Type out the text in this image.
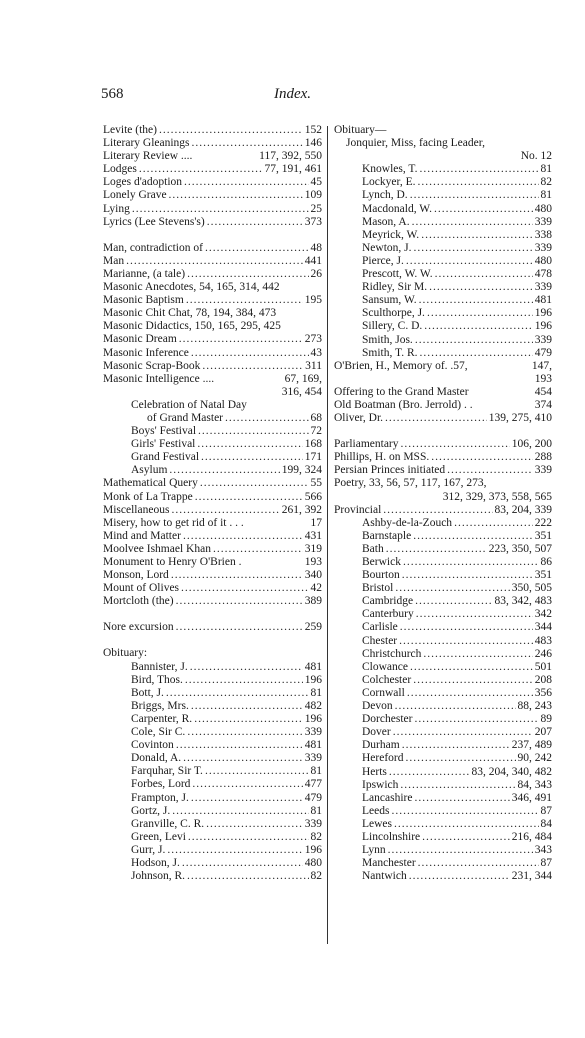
568	Index.
Levite (the) .....	152
Literary Gleanings .....	146
Literary Review ....	117, 392, 550
Lodges .....	77, 191, 461
Loges d'adoption .....	45
Lonely Grave .....	109
Lying .....	25
Lyrics (Lee Stevens's) .....	373
Man, contradiction of .....	48
Man .....	441
Marianne, (a tale) .....	26
Masonic Anecdotes, 54, 165, 314, 442
Masonic Baptism .....	195
Masonic Chit Chat, 78, 194, 384, 473
Masonic Didactics, 150, 165, 295, 425
Masonic Dream .....	273
Masonic Inference .....	43
Masonic Scrap-Book .....	311
Masonic Intelligence ....	67, 169,
316, 454
Celebration of Natal Day
of Grand Master .....	68
Boys' Festival .....	72
Girls' Festival .....	168
Grand Festival .....	171
Asylum .....	199, 324
Mathematical Query .....	55
Monk of La Trappe .....	566
Miscellaneous .....	261, 392
Misery, how to get rid of it . . .	17
Mind and Matter .....	431
Moolvee Ishmael Khan .....	319
Monument to Henry O'Brien .	193
Monson, Lord .....	340
Mount of Olives .....	42
Mortcloth (the) .....	389
Nore excursion .....	259
Obituary:
Bannister, J. .....	481
Bird, Thos. .....	196
Bott, J. .....	81
Briggs, Mrs. .....	482
Carpenter, R. .....	196
Cole, Sir C. .....	339
Covinton .....	481
Donald, A. .....	339
Farquhar, Sir T. .....	81
Forbes, Lord .....	477
Frampton, J. .....	479
Gortz, J. .....	81
Granville, C. R. .....	339
Green, Levi .....	82
Gurr, J. .....	196
Hodson, J. .....	480
Johnson, R. .....	82
Obituary—
Jonquier, Miss, facing Leader,
No. 12
Knowles, T. .....	81
Lockyer, E. .....	82
Lynch, D. .....	81
Macdonald, W. .....	480
Mason, A. .....	339
Meyrick, W. .....	338
Newton, J. .....	339
Pierce, J. .....	480
Prescott, W. W. .....	478
Ridley, Sir M. .....	339
Sansum, W. .....	481
Sculthorpe, J. .....	196
Sillery, C. D. .....	196
Smith, Jos. .....	339
Smith, T. R. .....	479
O'Brien, H., Memory of. .57,	147,
193
Offering to the Grand Master	454
Old Boatman (Bro. Jerrold) . .	374
Oliver, Dr. .....	139, 275, 410
Parliamentary .....	106, 200
Phillips, H. on MSS. .....	288
Persian Princes initiated .....	339
Poetry, 33, 56, 57, 117, 167, 273,
312, 329, 373, 558, 565
Provincial .....	83, 204, 339
Ashby-de-la-Zouch .....	222
Barnstaple .....	351
Bath .....	223, 350, 507
Berwick .....	86
Bourton .....	351
Bristol .....	350, 505
Cambridge .....	83, 342, 483
Canterbury .....	342
Carlisle .....	344
Chester .....	483
Christchurch .....	246
Clowance .....	501
Colchester .....	208
Cornwall .....	356
Devon .....	88, 243
Dorchester .....	89
Dover .....	207
Durham .....	237, 489
Hereford .....	90, 242
Herts .....	83, 204, 340, 482
Ipswich .....	84, 343
Lancashire .....	346, 491
Leeds .....	87
Lewes .....	84
Lincolnshire .....	216, 484
Lynn .....	343
Manchester .....	87
Nantwich .....	231, 344
